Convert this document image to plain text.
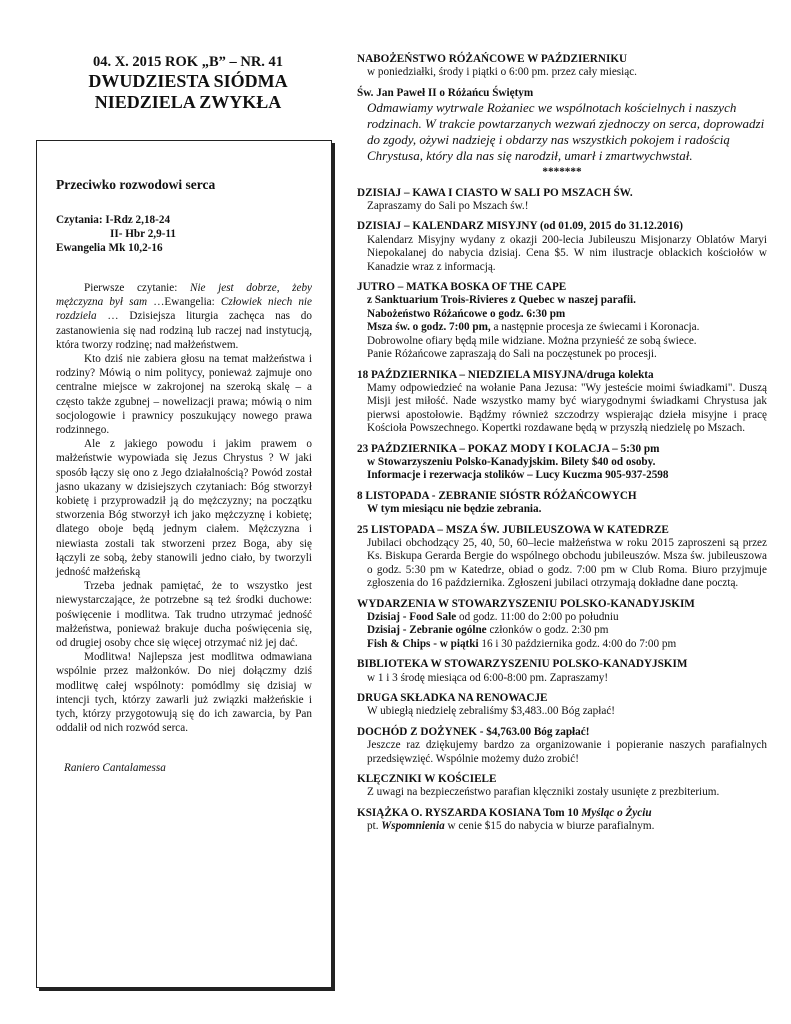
04. X. 2015 ROK „B” – NR. 41
DWUDZIESTA SIÓDMA
NIEDZIELA ZWYKŁA
Przeciwko rozwodowi serca
Czytania: I-Rdz 2,18-24
II- Hbr 2,9-11
Ewangelia Mk 10,2-16

Pierwsze czytanie: Nie jest dobrze, żeby mężczyzna był sam …Ewangelia: Człowiek niech nie rozdziela … Dzisiejsza liturgia zachęca nas do zastanowienia się nad rodziną lub raczej nad instytucją, która tworzy rodzinę; nad małżeństwem.

Kto dziś nie zabiera głosu na temat małżeństwa i rodziny? Mówią o nim politycy, ponieważ zajmuje ono centralne miejsce w zakrojonej na szeroką skalę – a często także zgubnej – nowelizacji prawa; mówią o nim socjologowie i prawnicy poszukujący nowego prawa rodzinnego.

Ale z jakiego powodu i jakim prawem o małżeństwie wypowiada się Jezus Chrystus ? W jaki sposób łączy się ono z Jego działalnością? Powód został jasno ukazany w dzisiejszych czytaniach: Bóg stworzył kobietę i przyprowadził ją do mężczyzny; na początku stworzenia Bóg stworzył ich jako mężczyznę i kobietę; dlatego oboje będą jednym ciałem. Mężczyzna i niewiasta zostali tak stworzeni przez Boga, aby się łączyli ze sobą, żeby stanowili jedno ciało, by tworzyli jedność małżeńską

Trzeba jednak pamiętać, że to wszystko jest niewystarczające, że potrzebne są też środki duchowe: poświęcenie i modlitwa. Tak trudno utrzymać jedność małżeństwa, ponieważ brakuje ducha poświęcenia się, od drugiej osoby chce się więcej otrzymać niż jej dać.

Modlitwa! Najlepsza jest modlitwa odmawiana wspólnie przez małżonków. Do niej dołączmy dziś modlitwę całej wspólnoty: pomódlmy się dzisiaj w intencji tych, którzy zawarli już związki małżeńskie i tych, którzy przygotowują się do ich zawarcia, by Pan oddalił od nich rozwód serca.

Raniero Cantalamessa
NABOŻEŃSTWO RÓŻAŃCOWE W PAŹDZIERNIKU
w poniedziałki, środy i piątki o 6:00 pm. przez cały miesiąc.
Św. Jan Paweł II o Różańcu Świętym
Odmawiamy wytrwale Rożaniec we wspólnotach kościelnych i naszych rodzinach. W trakcie powtarzanych wezwań zjednoczy on serca, doprowadzi do zgody, ożywi nadzieję i obdarzy nas wszystkich pokojem i radością Chrystusa, który dla nas się narodził, umarł i zmartwychwstał.
*******
DZISIAJ – KAWA I CIASTO W SALI PO MSZACH ŚW.
Zapraszamy do Sali po Mszach św.!
DZISIAJ – KALENDARZ MISYJNY (od 01.09, 2015 do 31.12.2016)
Kalendarz Misyjny wydany z okazji 200-lecia Jubileuszu Misjonarzy Oblatów Maryi Niepokalanej do nabycia dzisiaj. Cena $5. W nim ilustracje oblackich kościołów w Kanadzie wraz z informacją.
JUTRO – MATKA BOSKA OF THE CAPE
z Sanktuarium Trois-Rivieres z Quebec w naszej parafii.
Nabożeństwo Różańcowe o godz. 6:30 pm
Msza św. o godz. 7:00 pm, a następnie procesja ze świecami i Koronacja.
Dobrowolne ofiary będą mile widziane. Można przynieść ze sobą świece.
Panie Różańcowe zapraszają do Sali na poczęstunek po procesji.
18 PAŹDZIERNIKA – NIEDZIELA MISYJNA/druga kolekta
Mamy odpowiedzieć na wołanie Pana Jezusa: "Wy jesteście moimi świadkami". Duszą Misji jest miłość. Nade wszystko mamy być wiarygodnymi świadkami Chrystusa jak pierwsi apostołowie. Bądźmy również szczodrzy wspierając dzieła misyjne i pracę Kościoła Powszechnego. Kopertki rozdawane będą w przyszłą niedzielę po Mszach.
23 PAŹDZIERNIKA – POKAZ MODY I KOLACJA – 5:30 pm
w Stowarzyszeniu Polsko-Kanadyjskim. Bilety $40 od osoby.
Informacje i rezerwacja stolików – Lucy Kuczma 905-937-2598
8 LISTOPADA - ZEBRANIE SIÓSTR RÓŻAŃCOWYCH
W tym miesiącu nie będzie zebrania.
25 LISTOPADA – MSZA ŚW. JUBILEUSZOWA W KATEDRZE
Jubilaci obchodzący 25, 40, 50, 60–lecie małżeństwa w roku 2015 zaproszeni są przez Ks. Biskupa Gerarda Bergie do wspólnego obchodu jubileuszów. Msza św. jubileuszowa o godz. 5:30 pm w Katedrze, obiad o godz. 7:00 pm w Club Roma. Biuro przyjmuje zgłoszenia do 16 października. Zgłoszeni jubilaci otrzymają dokładne dane pocztą.
WYDARZENIA W STOWARZYSZENIU POLSKO-KANADYJSKIM
Dzisiaj - Food Sale od godz. 11:00 do 2:00 po południu
Dzisiaj - Zebranie ogólne członków o godz. 2:30 pm
Fish & Chips - w piątki 16 i 30 października godz. 4:00 do 7:00 pm
BIBLIOTEKA W STOWARZYSZENIU POLSKO-KANADYJSKIM
w 1 i 3 środę miesiąca od 6:00-8:00 pm. Zapraszamy!
DRUGA SKŁADKA NA RENOWACJE
W ubiegłą niedzielę zebraliśmy $3,483..00 Bóg zapłać!
DOCHÓD Z DOŻYNEK - $4,763.00 Bóg zapłać!
Jeszcze raz dziękujemy bardzo za organizowanie i popieranie naszych parafialnych przedsięwzięć. Wspólnie możemy dużo zrobić!
KLĘCZNIKI W KOŚCIELE
Z uwagi na bezpieczeństwo parafian klęczniki zostały usunięte z prezbiterium.
KSIĄŻKA O. RYSZARDA KOSIANA Tom 10 Myśląc o Życiu
pt. Wspomnienia w cenie $15 do nabycia w biurze parafialnym.
